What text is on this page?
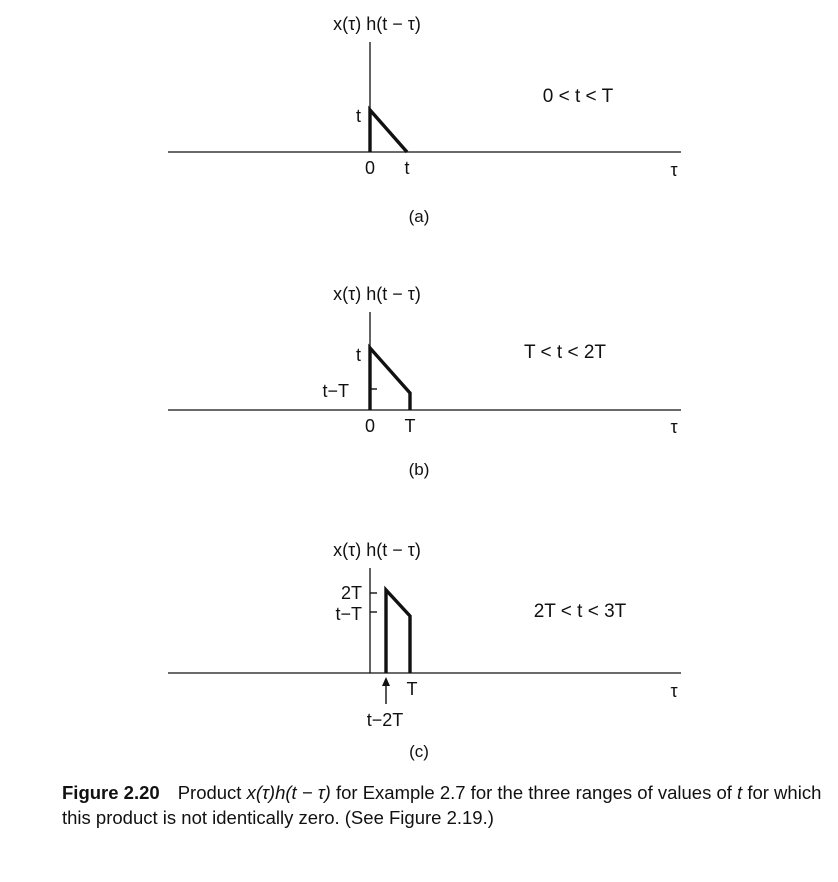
x(τ) h(t − τ)
t
0 t	τ
0 < t < T
(a)
x(τ) h(t − τ)
t
t−T
0 T	τ
T < t < 2T
(b)
x(τ) h(t − τ)
2T
t−T
T
t−2T
τ
2T < t < 3T
(c)
Figure 2.20 Product x(τ)h(t − τ) for Example 2.7 for the three ranges of values of t for which this product is not identically zero. (See Figure 2.19.)
